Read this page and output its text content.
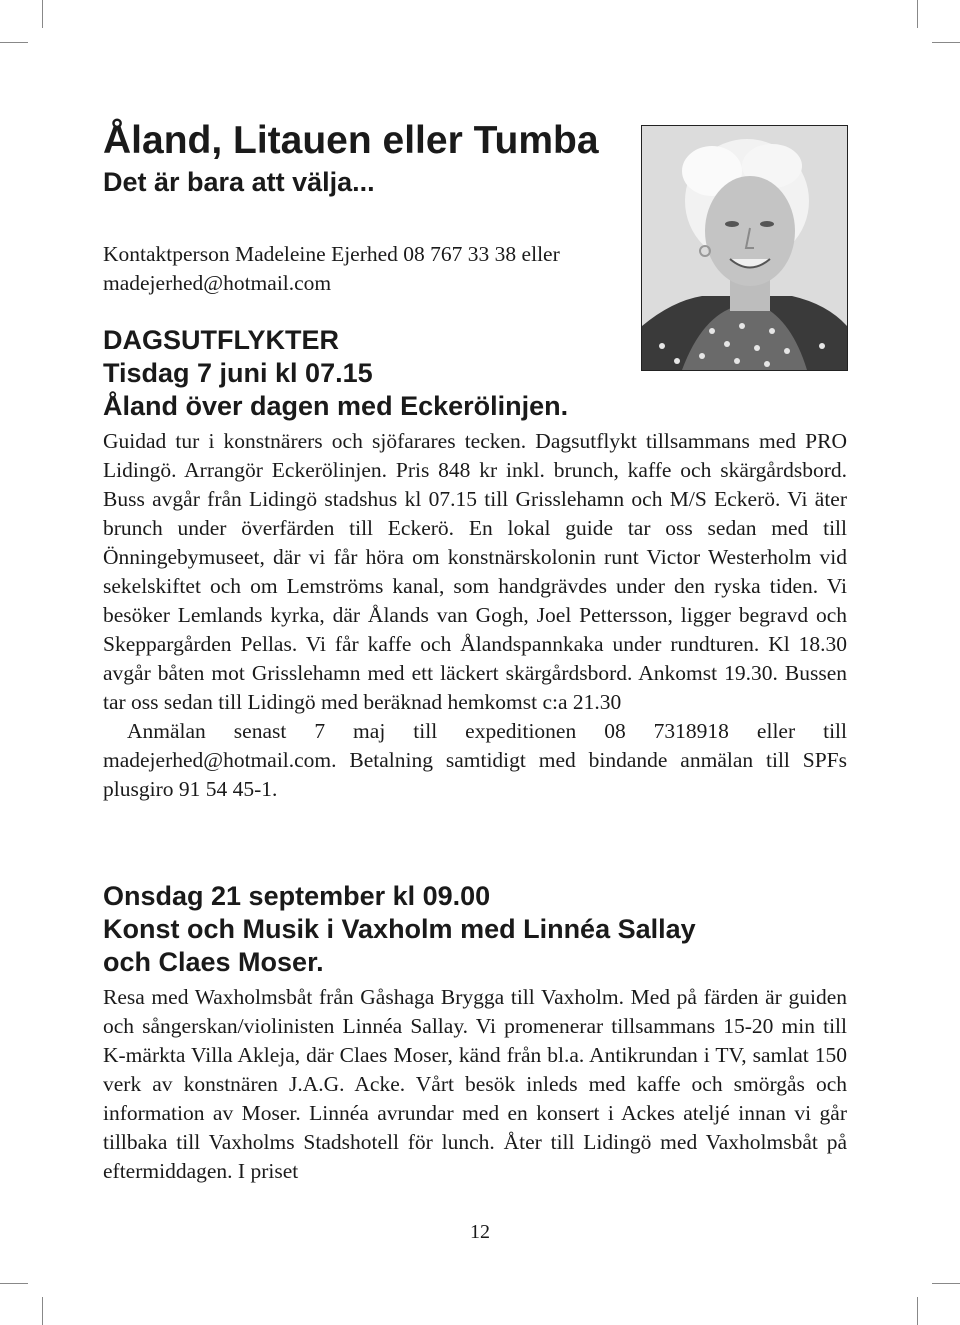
Åland, Litauen eller Tumba
Det är bara att välja...

Kontaktperson Madeleine Ejerhed 08 767 33 38 eller madejerhed@hotmail.com

DAGSUTFLYKTER
Tisdag 7 juni kl 07.15
Åland över dagen med Eckerölinjen.

Guidad tur i konstnärers och sjöfarares tecken. Dagsutflykt tillsammans med PRO Lidingö. Arrangör Eckerölinjen. Pris 848 kr inkl. brunch, kaffe och skärgårdsbord. Buss avgår från Lidingö stadshus kl 07.15 till Grisslehamn och M/S Eckerö. Vi äter brunch under överfärden till Eckerö. En lokal guide tar oss sedan med till Önningebymuseet, där vi får höra om konstnärskolonin runt Victor Westerholm vid sekelskiftet och om Lemströms kanal, som handgrävdes under den ryska tiden. Vi besöker Lemlands kyrka, där Ålands van Gogh, Joel Pettersson, ligger begravd och Skeppargården Pellas. Vi får kaffe och Ålandspannkaka under rundturen. Kl 18.30 avgår båten mot Grisslehamn med ett läckert skärgårdsbord. Ankomst 19.30. Bussen tar oss sedan till Lidingö med beräknad hemkomst c:a 21.30

Anmälan senast 7 maj till expeditionen 08 7318918 eller till madejerhed@hotmail.com. Betalning samtidigt med bindande anmälan till SPFs plusgiro 91 54 45-1.

Onsdag 21 september kl 09.00
Konst och Musik i Vaxholm med Linnéa Sallay och Claes Moser.

Resa med Waxholmsbåt från Gåshaga Brygga till Vaxholm. Med på färden är guiden och sångerskan/violinisten Linnéa Sallay. Vi promenerar tillsammans 15-20 min till K-märkta Villa Akleja, där Claes Moser, känd från bl.a. Antikrundan i TV, samlat 150 verk av konstnären J.A.G. Acke. Vårt besök inleds med kaffe och smörgås och information av Moser. Linnéa avrundar med en konsert i Ackes ateljé innan vi går tillbaka till Vaxholms Stadshotell för lunch. Åter till Lidingö med Vaxholmsbåt på eftermiddagen. I priset

12
